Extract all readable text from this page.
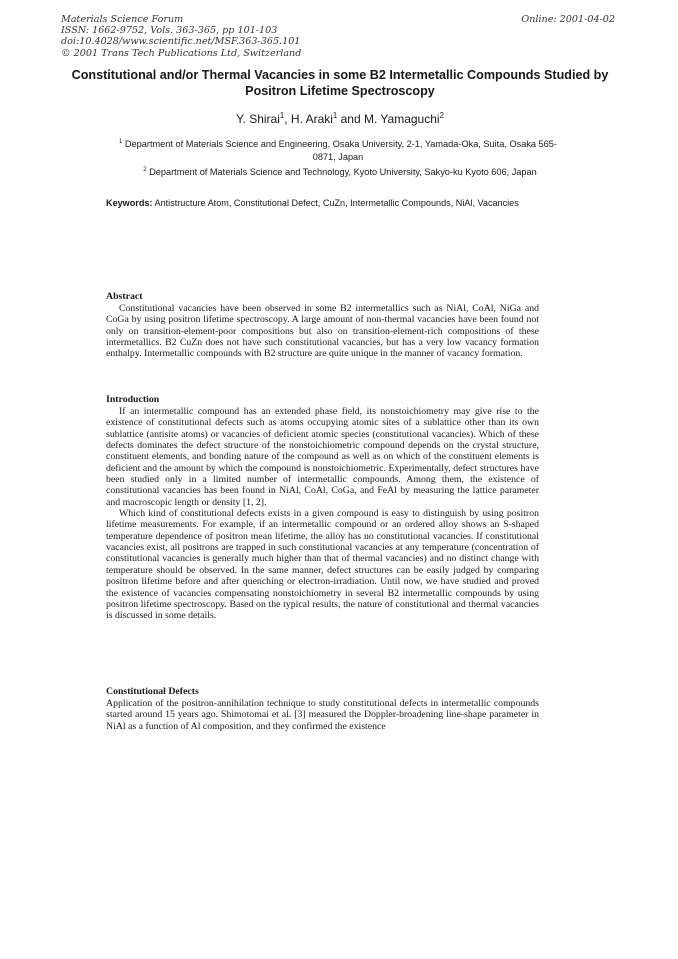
Materials Science Forum
ISSN: 1662-9752, Vols. 363-365, pp 101-103
doi:10.4028/www.scientific.net/MSF.363-365.101
© 2001 Trans Tech Publications Ltd, Switzerland
Online: 2001-04-02
Constitutional and/or Thermal Vacancies in some B2 Intermetallic Compounds Studied by Positron Lifetime Spectroscopy
Y. Shirai$^1$, H. Araki$^1$ and M. Yamaguchi$^2$
$^1$ Department of Materials Science and Engineering, Osaka University, 2-1, Yamada-Oka, Suita, Osaka 565-0871, Japan
$^2$ Department of Materials Science and Technology, Kyoto University, Sakyo-ku Kyoto 606, Japan
Keywords: Antistructure Atom, Constitutional Defect, CuZn, Intermetallic Compounds, NiAl, Vacancies
Abstract

Constitutional vacancies have been observed in some B2 intermetallics such as NiAl, CoAl, NiGa and CoGa by using positron lifetime spectroscopy. A large amount of non-thermal vacancies have been found not only on transition-element-poor compositions but also on transition-element-rich compositions of these intermetallics. B2 CuZn does not have such constitutional vacancies, but has a very low vacancy formation enthalpy. Intermetallic compounds with B2 structure are quite unique in the manner of vacancy formation.

Introduction

If an intermetallic compound has an extended phase field, its nonstoichiometry may give rise to the existence of constitutional defects such as atoms occupying atomic sites of a sublattice other than its own sublattice (antisite atoms) or vacancies of deficient atomic species (constitutional vacancies). Which of these defects dominates the defect structure of the nonstoichiometric compound depends on the crystal structure, constituent elements, and bonding nature of the compound as well as on which of the constituent elements is deficient and the amount by which the compound is nonstoichiometric. Experimentally, defect structures have been studied only in a limited number of intermetallic compounds. Among them, the existence of constitutional vacancies has been found in NiAl, CoAl, CoGa, and FeAl by measuring the lattice parameter and macroscopic length or density [1, 2].

Which kind of constitutional defects exists in a given compound is easy to distinguish by using positron lifetime measurements. For example, if an intermetallic compound or an ordered alloy shows an S-shaped temperature dependence of positron mean lifetime, the alloy has no constitutional vacancies. If constitutional vacancies exist, all positrons are trapped in such constitutional vacancies at any temperature (concentration of constitutional vacancies is generally much higher than that of thermal vacancies) and no distinct change with temperature should be observed. In the same manner, defect structures can be easily judged by comparing positron lifetime before and after quenching or electron-irradiation. Until now, we have studied and proved the existence of vacancies compensating nonstoichiometry in several B2 intermetallic compounds by using positron lifetime spectroscopy. Based on the typical results, the nature of constitutional and thermal vacancies is discussed in some details.

Constitutional Defects

Application of the positron-annihilation technique to study constitutional defects in intermetallic compounds started around 15 years ago. Shimotomai et al. [3] measured the Doppler-broadening line-shape parameter in NiAl as a function of Al composition, and they confirmed the existence
